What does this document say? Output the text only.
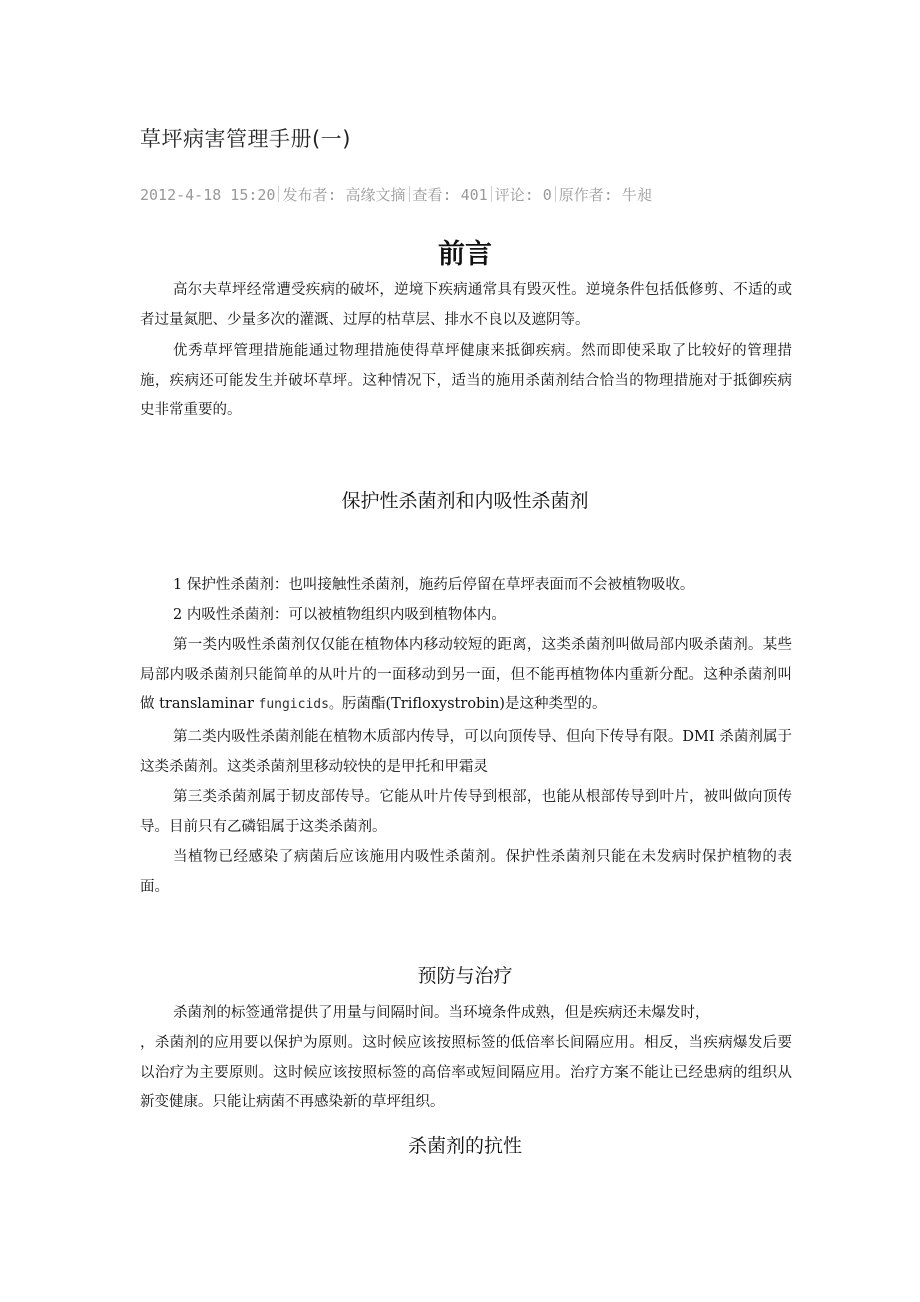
草坪病害管理手册(一)
2012-4-18 15:20 发布者: 高缘文摘 查看: 401 评论: 0 原作者: 牛昶
前言

高尔夫草坪经常遭受疾病的破坏，逆境下疾病通常具有毁灭性。逆境条件包括低修剪、不适的或者过量氮肥、少量多次的灌溉、过厚的枯草层、排水不良以及遮阴等。

优秀草坪管理措施能通过物理措施使得草坪健康来抵御疾病。然而即使采取了比较好的管理措施，疾病还可能发生并破坏草坪。这种情况下，适当的施用杀菌剂结合恰当的物理措施对于抵御疾病史非常重要的。

保护性杀菌剂和内吸性杀菌剂

1 保护性杀菌剂：也叫接触性杀菌剂，施药后停留在草坪表面而不会被植物吸收。

2 内吸性杀菌剂：可以被植物组织内吸到植物体内。

第一类内吸性杀菌剂仅仅能在植物体内移动较短的距离，这类杀菌剂叫做局部内吸杀菌剂。某些局部内吸杀菌剂只能简单的从叶片的一面移动到另一面，但不能再植物体内重新分配。这种杀菌剂叫做 translaminar fungicids。肟菌酯(Trifloxystrobin)是这种类型的。

第二类内吸性杀菌剂能在植物木质部内传导，可以向顶传导、但向下传导有限。DMI 杀菌剂属于这类杀菌剂。这类杀菌剂里移动较快的是甲托和甲霜灵

第三类杀菌剂属于韧皮部传导。它能从叶片传导到根部，也能从根部传导到叶片，被叫做向顶传导。目前只有乙磷铝属于这类杀菌剂。

当植物已经感染了病菌后应该施用内吸性杀菌剂。保护性杀菌剂只能在未发病时保护植物的表面。

预防与治疗

杀菌剂的标签通常提供了用量与间隔时间。当环境条件成熟，但是疾病还未爆发时，

，杀菌剂的应用要以保护为原则。这时候应该按照标签的低倍率长间隔应用。相反，当疾病爆发后要以治疗为主要原则。这时候应该按照标签的高倍率或短间隔应用。治疗方案不能让已经患病的组织从新变健康。只能让病菌不再感染新的草坪组织。

杀菌剂的抗性
